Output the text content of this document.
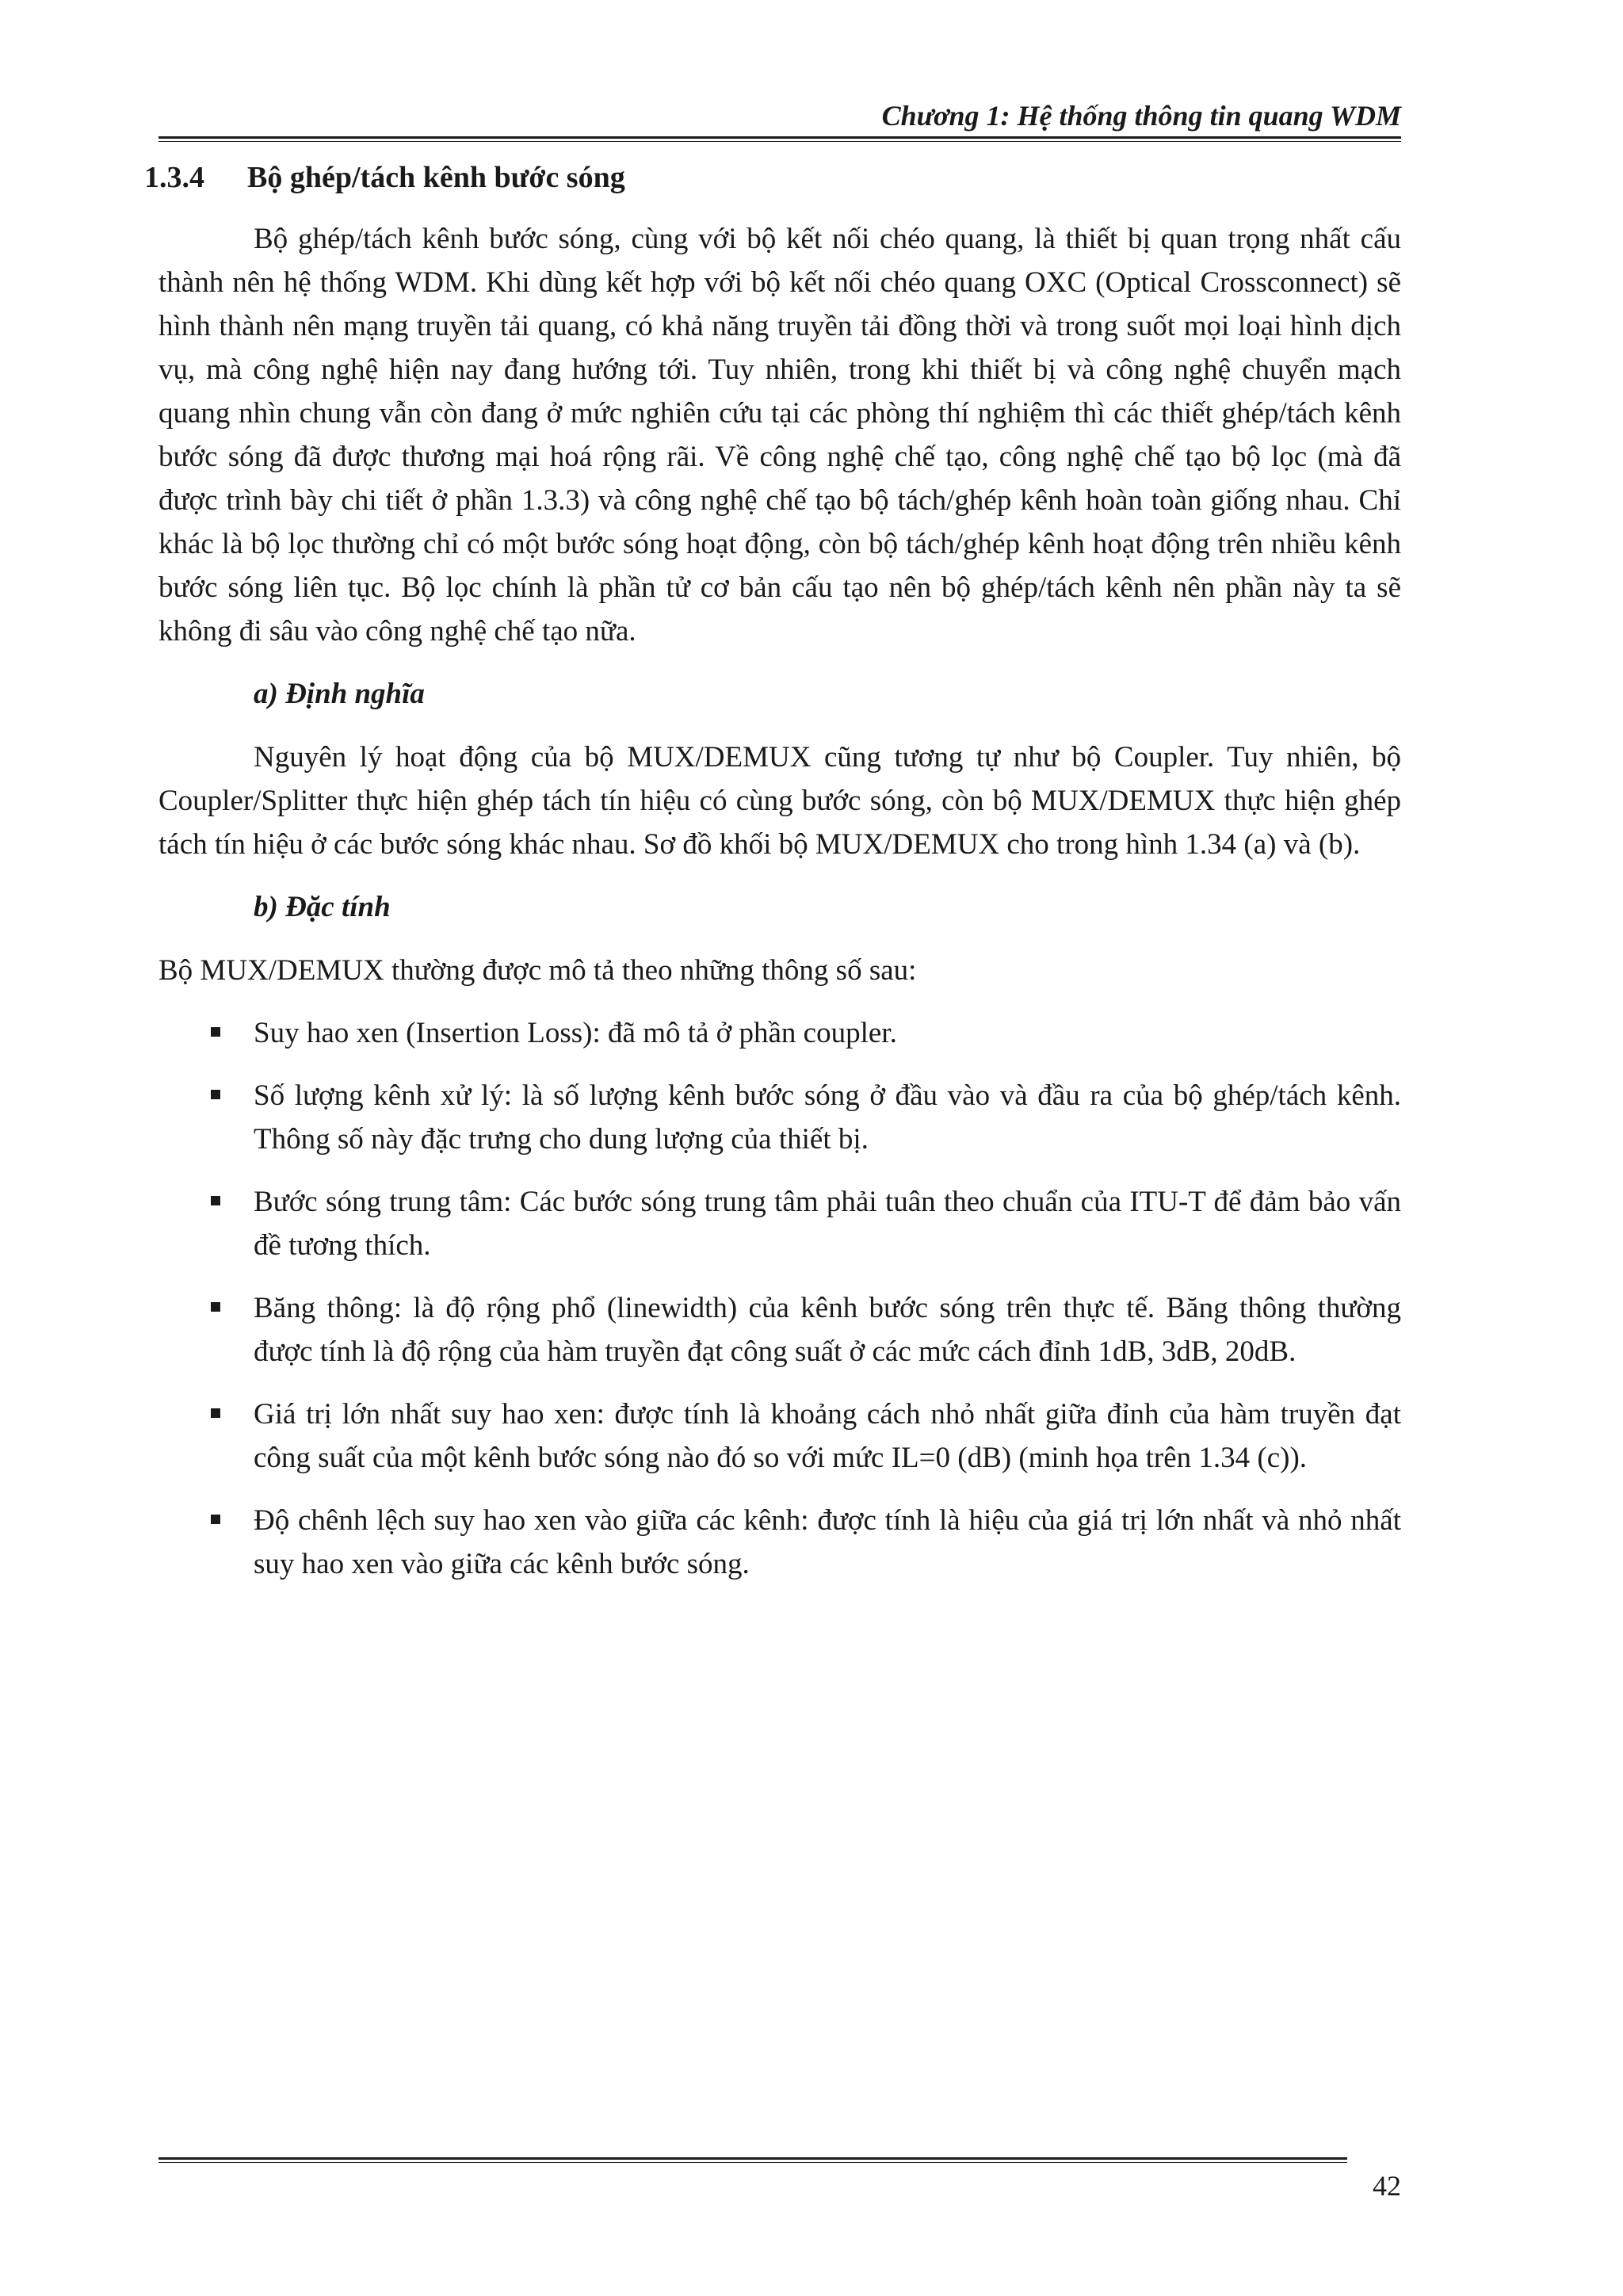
Chương 1: Hệ thống thông tin quang WDM
1.3.4 Bộ ghép/tách kênh bước sóng

Bộ ghép/tách kênh bước sóng, cùng với bộ kết nối chéo quang, là thiết bị quan trọng nhất cấu thành nên hệ thống WDM. Khi dùng kết hợp với bộ kết nối chéo quang OXC (Optical Crossconnect) sẽ hình thành nên mạng truyền tải quang, có khả năng truyền tải đồng thời và trong suốt mọi loại hình dịch vụ, mà công nghệ hiện nay đang hướng tới. Tuy nhiên, trong khi thiết bị và công nghệ chuyển mạch quang nhìn chung vẫn còn đang ở mức nghiên cứu tại các phòng thí nghiệm thì các thiết ghép/tách kênh bước sóng đã được thương mại hoá rộng rãi. Về công nghệ chế tạo, công nghệ chế tạo bộ lọc (mà đã được trình bày chi tiết ở phần 1.3.3) và công nghệ chế tạo bộ tách/ghép kênh hoàn toàn giống nhau. Chỉ khác là bộ lọc thường chỉ có một bước sóng hoạt động, còn bộ tách/ghép kênh hoạt động trên nhiều kênh bước sóng liên tục. Bộ lọc chính là phần tử cơ bản cấu tạo nên bộ ghép/tách kênh nên phần này ta sẽ không đi sâu vào công nghệ chế tạo nữa.

a) Định nghĩa

Nguyên lý hoạt động của bộ MUX/DEMUX cũng tương tự như bộ Coupler. Tuy nhiên, bộ Coupler/Splitter thực hiện ghép tách tín hiệu có cùng bước sóng, còn bộ MUX/DEMUX thực hiện ghép tách tín hiệu ở các bước sóng khác nhau. Sơ đồ khối bộ MUX/DEMUX cho trong hình 1.34 (a) và (b).

b) Đặc tính

Bộ MUX/DEMUX thường được mô tả theo những thông số sau:

Suy hao xen (Insertion Loss): đã mô tả ở phần coupler.
Số lượng kênh xử lý: là số lượng kênh bước sóng ở đầu vào và đầu ra của bộ ghép/tách kênh. Thông số này đặc trưng cho dung lượng của thiết bị.
Bước sóng trung tâm: Các bước sóng trung tâm phải tuân theo chuẩn của ITU-T để đảm bảo vấn đề tương thích.
Băng thông: là độ rộng phổ (linewidth) của kênh bước sóng trên thực tế. Băng thông thường được tính là độ rộng của hàm truyền đạt công suất ở các mức cách đỉnh 1dB, 3dB, 20dB.
Giá trị lớn nhất suy hao xen: được tính là khoảng cách nhỏ nhất giữa đỉnh của hàm truyền đạt công suất của một kênh bước sóng nào đó so với mức IL=0 (dB) (minh họa trên 1.34 (c)).
Độ chênh lệch suy hao xen vào giữa các kênh: được tính là hiệu của giá trị lớn nhất và nhỏ nhất suy hao xen vào giữa các kênh bước sóng.
42
